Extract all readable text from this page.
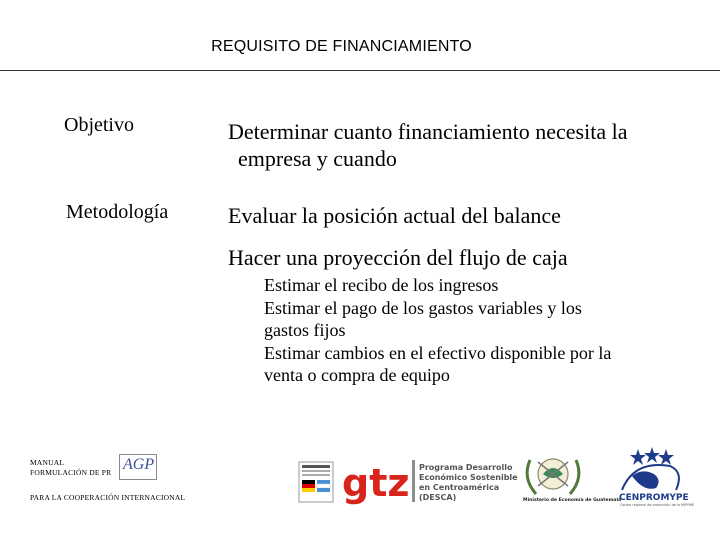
REQUISITO DE FINANCIAMIENTO
Objetivo	Determinar cuanto financiamiento necesita la
empresa y cuando
Metodología	Evaluar la posición actual del balance
Hacer una proyección del flujo de caja
Estimar el recibo de los ingresos
Estimar el pago de los gastos variables y los
gastos fijos
Estimar cambios en el efectivo disponible por la
venta o compra de equipo
MANUAL
FORMULACIÓN DE PR AGP
PARA LA COOPERACIÓN INTERNACIONAL	gtz Programa Desarrollo
Económico Sostenible
en Centroamérica
(DESCA)	Ministerio de Economía de Guatemala
CENPROMYPE
Centro regional de promoción de la MIPYME
